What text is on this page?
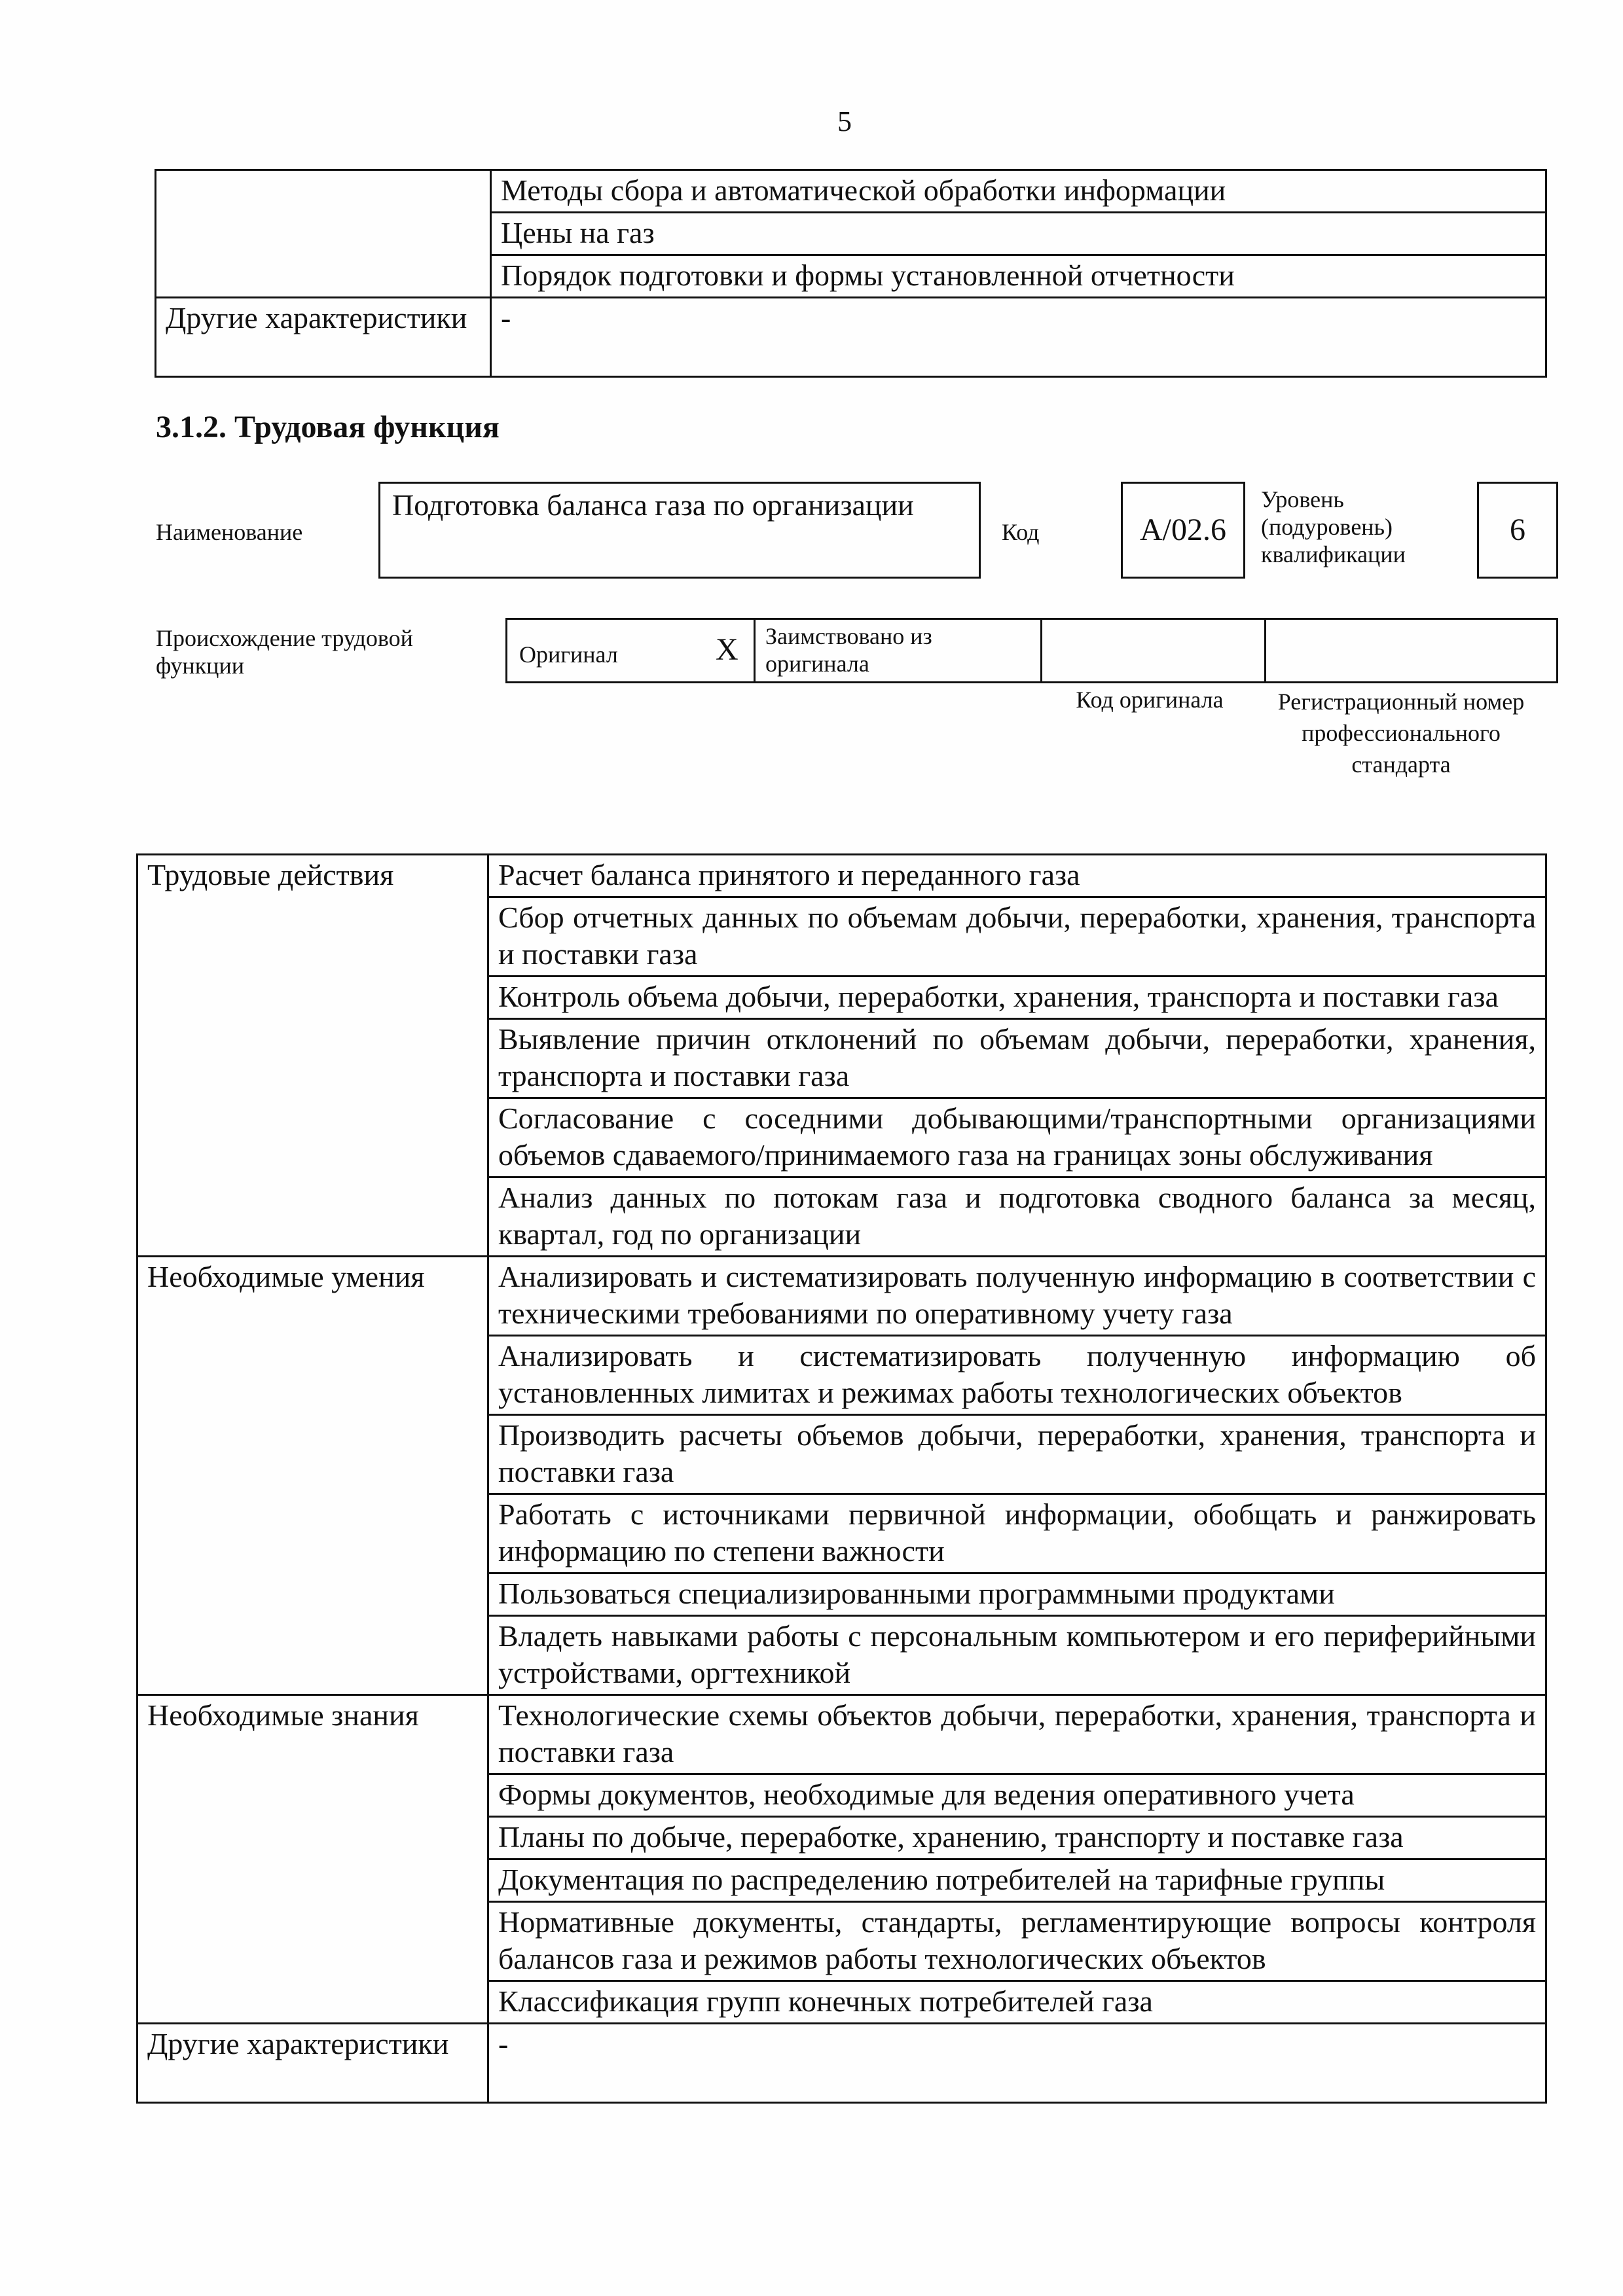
5
	Методы сбора и автоматической обработки информации
	Цены на газ
	Порядок подготовки и формы установленной отчетности
Другие характеристики	-
3.1.2. Трудовая функция
Наименование
Подготовка баланса газа по организации
Код	A/02.6
Уровень (подуровень) квалификации
6
Происхождение трудовой функции	Оригинал	X Заимствовано из оригинала
Код оригинала	Регистрационный номер профессионального стандарта
Трудовые действия	Расчет баланса принятого и переданного газа
	Сбор отчетных данных по объемам добычи, переработки, хранения, транспорта и поставки газа
	Контроль объема добычи, переработки, хранения, транспорта и поставки газа
	Выявление причин отклонений по объемам добычи, переработки, хранения, транспорта и поставки газа
	Согласование с соседними добывающими/транспортными организациями объемов сдаваемого/принимаемого газа на границах зоны обслуживания
	Анализ данных по потокам газа и подготовка сводного баланса за месяц, квартал, год по организации
Необходимые умения	Анализировать и систематизировать полученную информацию в соответствии с техническими требованиями по оперативному учету газа
	Анализировать и систематизировать полученную информацию об установленных лимитах и режимах работы технологических объектов
	Производить расчеты объемов добычи, переработки, хранения, транспорта и поставки газа
	Работать с источниками первичной информации, обобщать и ранжировать информацию по степени важности
	Пользоваться специализированными программными продуктами
	Владеть навыками работы с персональным компьютером и его периферийными устройствами, оргтехникой
Необходимые знания	Технологические схемы объектов добычи, переработки, хранения, транспорта и поставки газа
	Формы документов, необходимые для ведения оперативного учета
	Планы по добыче, переработке, хранению, транспорту и поставке газа
	Документация по распределению потребителей на тарифные группы
	Нормативные документы, стандарты, регламентирующие вопросы контроля балансов газа и режимов работы технологических объектов
	Классификация групп конечных потребителей газа
Другие характеристики	-
